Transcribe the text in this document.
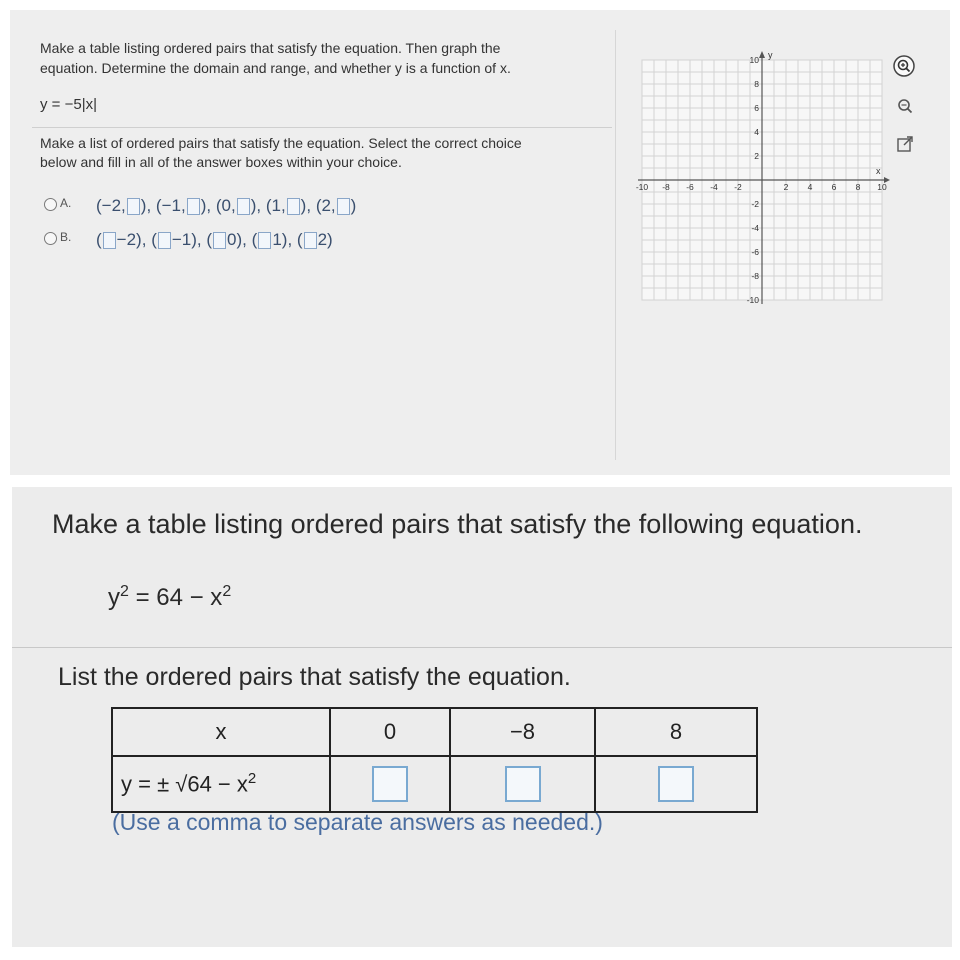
Make a table listing ordered pairs that satisfy the equation. Then graph the
equation. Determine the domain and range, and whether y is a function of x.
y = −5|x|
Make a list of ordered pairs that satisfy the equation. Select the correct choice
below and fill in all of the answer boxes within your choice.
A. (−2, ) ,
(−1, ) ,
(0, ) ,
(1, ) ,
(2, )
B. ( −2) ,
( −1) ,
( 0) ,
( 1) ,
( 2)
y
x
-10 -8 -6 -4 -2	2 4 6 8 10
10
8
6
4
2
-2
-4
-6
-8
-10
Make a table listing ordered pairs that satisfy the following equation.
$y^2 = 64 - x^2$
List the ordered pairs that satisfy the equation.
x	0	−8	8
y = ± $√64 - x^2$			
(Use a comma to separate answers as needed.)
